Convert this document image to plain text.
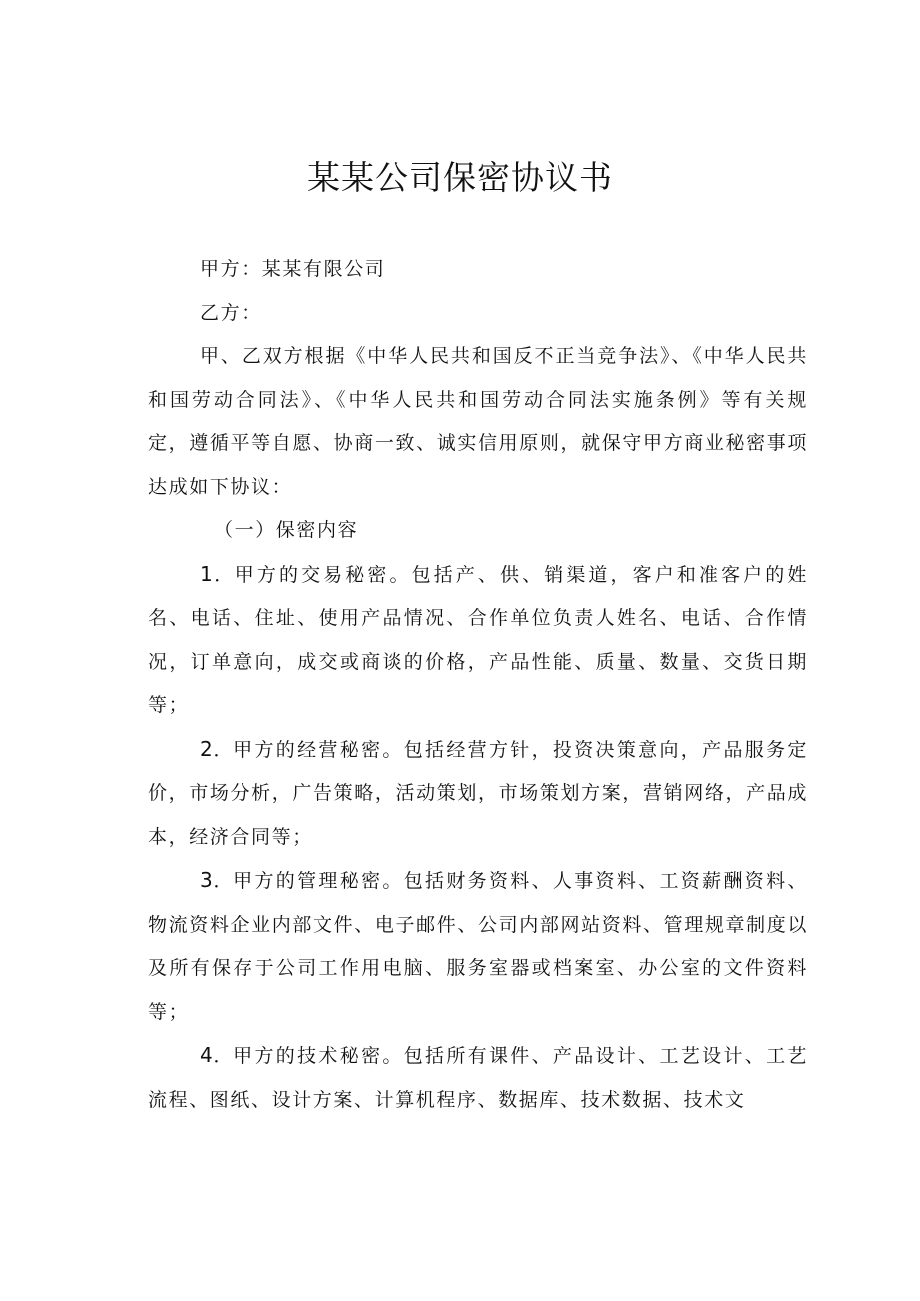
某某公司保密协议书

甲方：某某有限公司

乙方：

甲、乙双方根据《中华人民共和国反不正当竞争法》、《中华人民共和国劳动合同法》、《中华人民共和国劳动合同法实施条例》等有关规定，遵循平等自愿、协商一致、诚实信用原则，就保守甲方商业秘密事项达成如下协议：

（一）保密内容

1．甲方的交易秘密。包括产、供、销渠道，客户和准客户的姓名、电话、住址、使用产品情况、合作单位负责人姓名、电话、合作情况，订单意向，成交或商谈的价格，产品性能、质量、数量、交货日期等；

2．甲方的经营秘密。包括经营方针，投资决策意向，产品服务定价，市场分析，广告策略，活动策划，市场策划方案，营销网络，产品成本，经济合同等；

3．甲方的管理秘密。包括财务资料、人事资料、工资薪酬资料、物流资料企业内部文件、电子邮件、公司内部网站资料、管理规章制度以及所有保存于公司工作用电脑、服务室器或档案室、办公室的文件资料等；

4．甲方的技术秘密。包括所有课件、产品设计、工艺设计、工艺流程、图纸、设计方案、计算机程序、数据库、技术数据、技术文
